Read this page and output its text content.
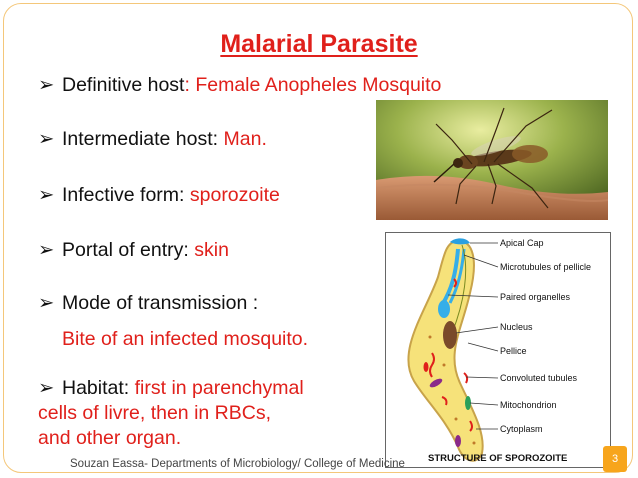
Malarial Parasite
➢ Definitive host: Female Anopheles Mosquito
➢ Intermediate host: Man.
➢ Infective form: sporozoite
➢ Portal of entry: skin
➢ Mode of transmission :
Bite of an infected mosquito.
➢ Habitat: first in parenchymal
cells of livre, then in RBCs,
and other organ.
Apical Cap
Microtubules of pellicle
Paired organelles
Nucleus
Pellice
Convoluted tubules
Mitochondrion
Cytoplasm
STRUCTURE OF SPOROZOITE
Souzan Eassa- Departments of Microbiology/ College of Medicine	3
